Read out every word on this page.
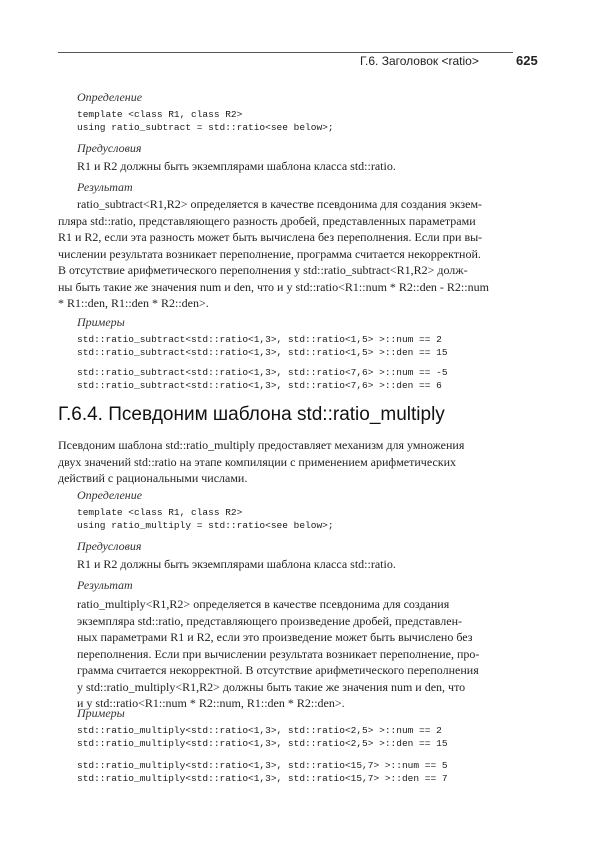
Г.6. Заголовок <ratio>	625
Определение
template <class R1, class R2>
using ratio_subtract = std::ratio<see below>;
Предусловия

R1 и R2 должны быть экземплярами шаблона класса std::ratio.

Результат

ratio_subtract<R1,R2> определяется в качестве псевдонима для создания экзем-
пляра std::ratio, представляющего разность дробей, представленных параметрами
R1 и R2, если эта разность может быть вычислена без переполнения. Если при вы-
числении результата возникает переполнение, программа считается некорректной.
В отсутствие арифметического переполнения у std::ratio_subtract<R1,R2> долж-
ны быть такие же значения num и den, что и у std::ratio<R1::num * R2::den - R2::num
* R1::den, R1::den * R2::den>.

Примеры
std::ratio_subtract<std::ratio<1,3>, std::ratio<1,5> >::num == 2
std::ratio_subtract<std::ratio<1,3>, std::ratio<1,5> >::den == 15
std::ratio_subtract<std::ratio<1,3>, std::ratio<7,6> >::num == -5
std::ratio_subtract<std::ratio<1,3>, std::ratio<7,6> >::den == 6
Г.6.4. Псевдоним шаблона std::ratio_multiply

Псевдоним шаблона std::ratio_multiply предоставляет механизм для умножения
двух значений std::ratio на этапе компиляции с применением арифметических
действий с рациональными числами.

Определение
template <class R1, class R2>
using ratio_multiply = std::ratio<see below>;
Предусловия

R1 и R2 должны быть экземплярами шаблона класса std::ratio.

Результат

ratio_multiply<R1,R2> определяется в качестве псевдонима для создания
экземпляра std::ratio, представляющего произведение дробей, представлен-
ных параметрами R1 и R2, если это произведение может быть вычислено без
переполнения. Если при вычислении результата возникает переполнение, про-
грамма считается некорректной. В отсутствие арифметического переполнения
у std::ratio_multiply<R1,R2> должны быть такие же значения num и den, что
и у std::ratio<R1::num * R2::num, R1::den * R2::den>.

Примеры
std::ratio_multiply<std::ratio<1,3>, std::ratio<2,5> >::num == 2
std::ratio_multiply<std::ratio<1,3>, std::ratio<2,5> >::den == 15
std::ratio_multiply<std::ratio<1,3>, std::ratio<15,7> >::num == 5
std::ratio_multiply<std::ratio<1,3>, std::ratio<15,7> >::den == 7
